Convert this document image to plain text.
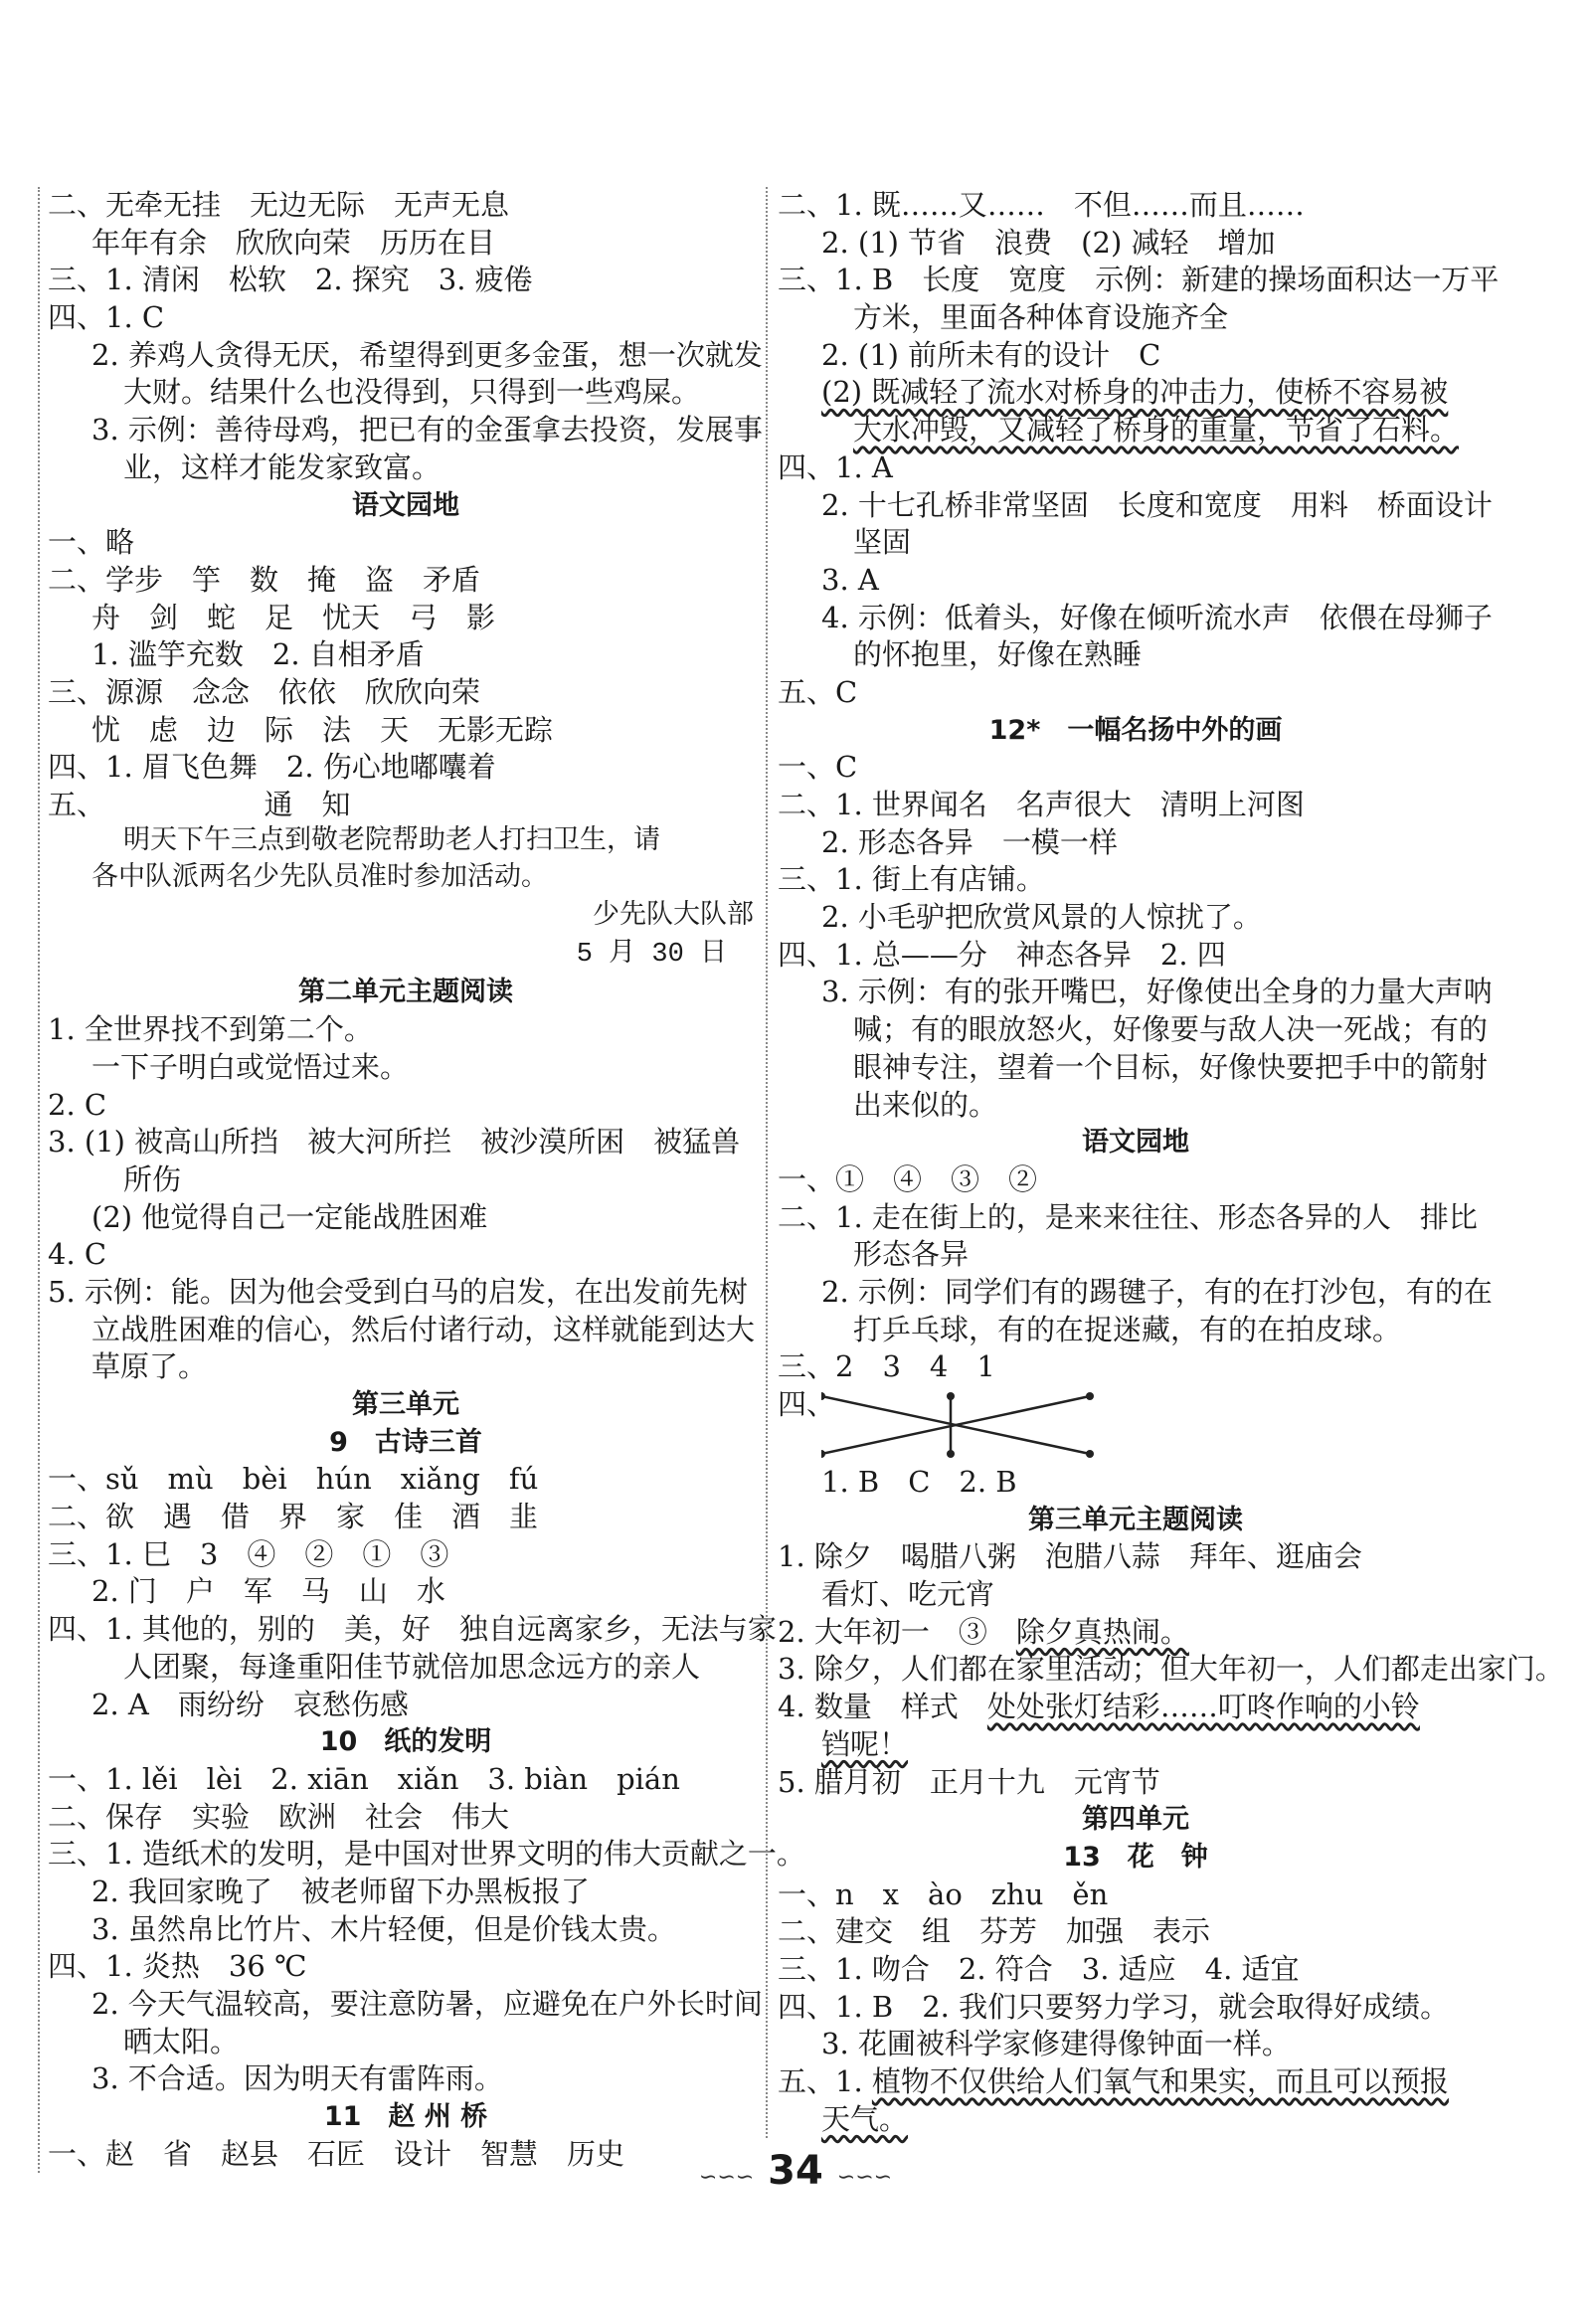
二、无牵无挂　无边无际　无声无息
年年有余　欣欣向荣　历历在目
三、1. 清闲　松软　2. 探究　3. 疲倦
四、1. C
2. 养鸡人贪得无厌，希望得到更多金蛋，想一次就发
大财。结果什么也没得到，只得到一些鸡屎。
3. 示例：善待母鸡，把已有的金蛋拿去投资，发展事
业，这样才能发家致富。
语文园地
一、略
二、学步　竽　数　掩　盗　矛盾
舟　剑　蛇　足　忧天　弓　影
1. 滥竽充数　2. 自相矛盾
三、源源　念念　依依　欣欣向荣
忧　虑　边　际　法　天　无影无踪
四、1. 眉飞色舞　2. 伤心地嘟囔着
五、　　　　　　通　知
明天下午三点到敬老院帮助老人打扫卫生，请
各中队派两名少先队员准时参加活动。
少先队大队部
5 月 30 日　
第二单元主题阅读
1. 全世界找不到第二个。
一下子明白或觉悟过来。
2. C
3. (1) 被高山所挡　被大河所拦　被沙漠所困　被猛兽
所伤
(2) 他觉得自己一定能战胜困难
4. C
5. 示例：能。因为他会受到白马的启发，在出发前先树
立战胜困难的信心，然后付诸行动，这样就能到达大
草原了。
第三单元
9　古诗三首
一、sǔ　mù　bèi　hún　xiǎng　fú
二、欲　遇　借　界　家　佳　酒　韭
三、1. 巳　3　④　②　①　③
2. 门　户　军　马　山　水
四、1. 其他的，别的　美，好　独自远离家乡，无法与家
人团聚，每逢重阳佳节就倍加思念远方的亲人
2. A　雨纷纷　哀愁伤感
10　纸的发明
一、1. lěi　lèi　2. xiān　xiǎn　3. biàn　pián
二、保存　实验　欧洲　社会　伟大
三、1. 造纸术的发明，是中国对世界文明的伟大贡献之一。
2. 我回家晚了　被老师留下办黑板报了
3. 虽然帛比竹片、木片轻便，但是价钱太贵。
四、1. 炎热　36 ℃
2. 今天气温较高，要注意防暑，应避免在户外长时间
晒太阳。
3. 不合适。因为明天有雷阵雨。
11　赵 州 桥
一、赵　省　赵县　石匠　设计　智慧　历史
二、1. 既……又……　不但……而且……
2. (1) 节省　浪费　(2) 减轻　增加
三、1. B　长度　宽度　示例：新建的操场面积达一万平
方米，里面各种体育设施齐全
2. (1) 前所未有的设计　C
(2) 既减轻了流水对桥身的冲击力，使桥不容易被
大水冲毁，又减轻了桥身的重量，节省了石料。
四、1. A
2. 十七孔桥非常坚固　长度和宽度　用料　桥面设计
坚固
3. A
4. 示例：低着头，好像在倾听流水声　依偎在母狮子
的怀抱里，好像在熟睡
五、C
12*　一幅名扬中外的画
一、C
二、1. 世界闻名　名声很大　清明上河图
2. 形态各异　一模一样
三、1. 街上有店铺。
2. 小毛驴把欣赏风景的人惊扰了。
四、1. 总——分　神态各异　2. 四
3. 示例：有的张开嘴巴，好像使出全身的力量大声呐
喊；有的眼放怒火，好像要与敌人决一死战；有的
眼神专注，望着一个目标，好像快要把手中的箭射
出来似的。
语文园地
一、①　④　③　②
二、1. 走在街上的，是来来往往、形态各异的人　排比
形态各异
2. 示例：同学们有的踢毽子，有的在打沙包，有的在
打乒乓球，有的在捉迷藏，有的在拍皮球。
三、2　3　4　1
四、
1. B　C　2. B
第三单元主题阅读
1. 除夕　喝腊八粥　泡腊八蒜　拜年、逛庙会
看灯、吃元宵
2. 大年初一　③　除夕真热闹。
3. 除夕，人们都在家里活动；但大年初一，人们都走出家门。
4. 数量　样式　处处张灯结彩……叮咚作响的小铃
铛呢！
5. 腊月初　正月十九　元宵节
第四单元
13　花　钟
一、n　x　ào　zhu　ěn
二、建交　组　芬芳　加强　表示
三、1. 吻合　2. 符合　3. 适应　4. 适宜
四、1. B　2. 我们只要努力学习，就会取得好成绩。
3. 花圃被科学家修建得像钟面一样。
五、1. 植物不仅供给人们氧气和果实，而且可以预报
天气。
∽∽∽ 34 ∽∽∽
